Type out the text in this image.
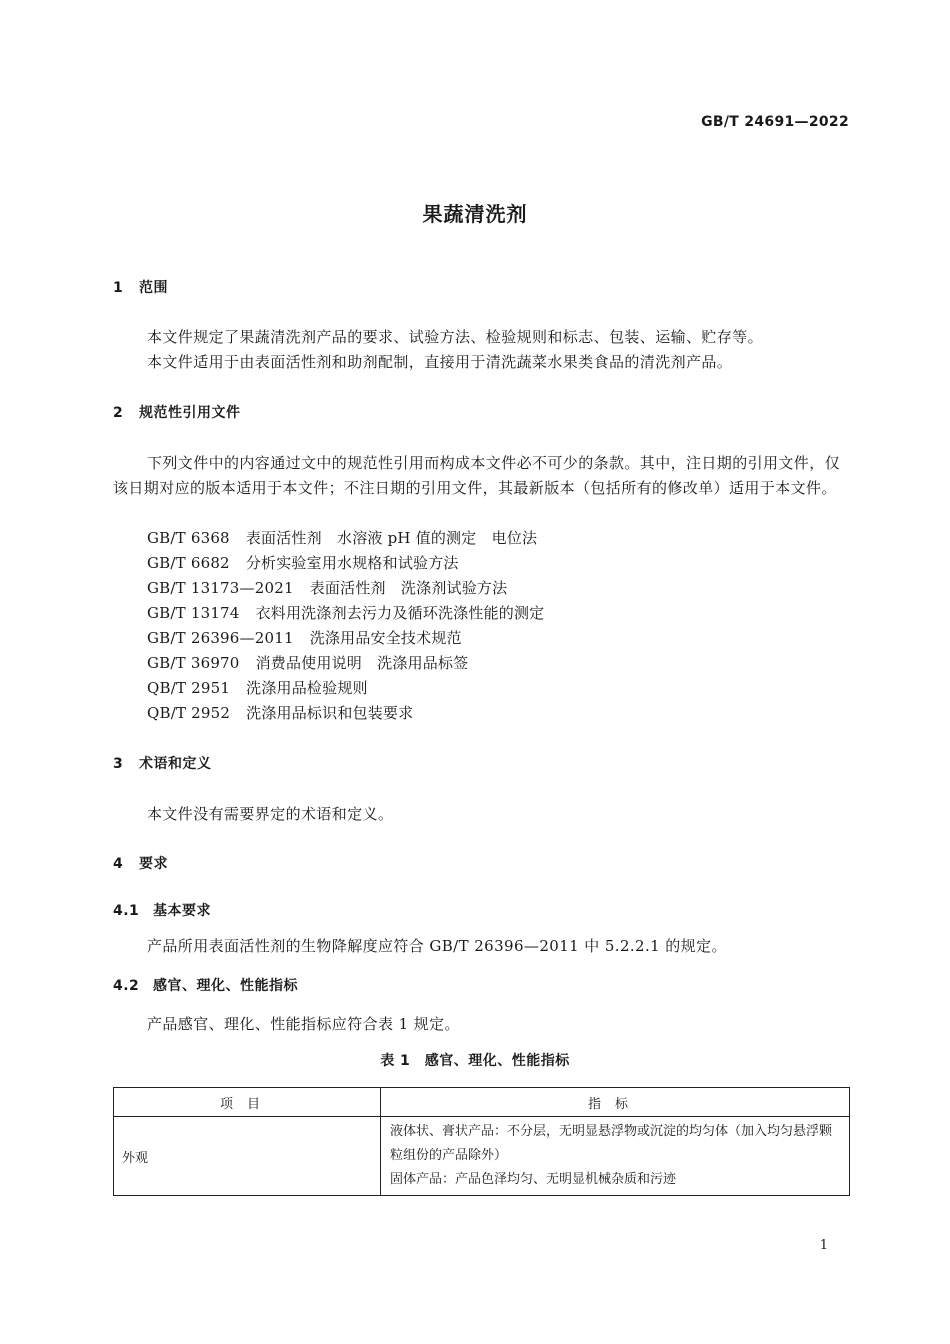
GB/T 24691—2022
果蔬清洗剂
1 范围
本文件规定了果蔬清洗剂产品的要求、试验方法、检验规则和标志、包装、运输、贮存等。
本文件适用于由表面活性剂和助剂配制，直接用于清洗蔬菜水果类食品的清洗剂产品。
2 规范性引用文件
下列文件中的内容通过文中的规范性引用而构成本文件必不可少的条款。其中，注日期的引用文件，仅该日期对应的版本适用于本文件；不注日期的引用文件，其最新版本（包括所有的修改单）适用于本文件。
GB/T 6368 表面活性剂　水溶液 pH 值的测定　电位法
GB/T 6682 分析实验室用水规格和试验方法
GB/T 13173—2021 表面活性剂　洗涤剂试验方法
GB/T 13174 衣料用洗涤剂去污力及循环洗涤性能的测定
GB/T 26396—2011 洗涤用品安全技术规范
GB/T 36970 消费品使用说明　洗涤用品标签
QB/T 2951 洗涤用品检验规则
QB/T 2952 洗涤用品标识和包装要求
3 术语和定义
本文件没有需要界定的术语和定义。
4 要求
4.1 基本要求
产品所用表面活性剂的生物降解度应符合 GB/T 26396—2011 中 5.2.2.1 的规定。
4.2 感官、理化、性能指标
产品感官、理化、性能指标应符合表 1 规定。
表 1　感官、理化、性能指标
项目	指标
外观	液体状、膏状产品：不分层，无明显悬浮物或沉淀的均匀体（加入均匀悬浮颗粒组份的产品除外）
固体产品：产品色泽均匀、无明显机械杂质和污迹
1
